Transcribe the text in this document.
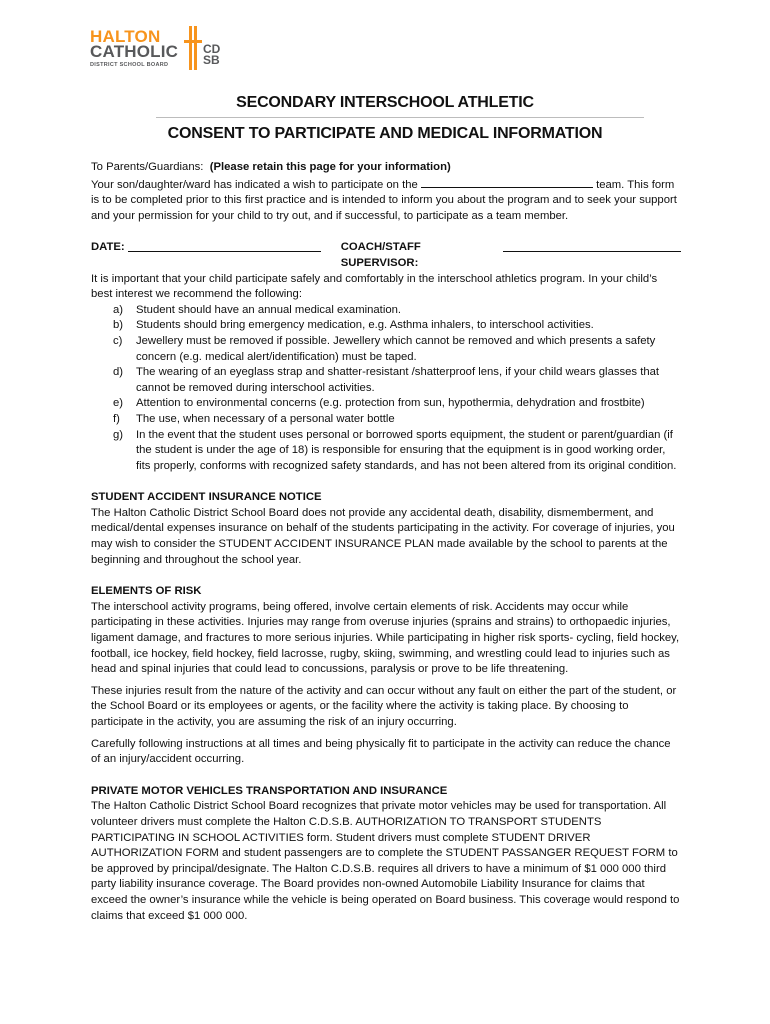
HALTON
CATHOLIC
DISTRICT SCHOOL BOARD
CD
SB
SECONDARY INTERSCHOOL ATHLETIC
CONSENT TO PARTICIPATE AND MEDICAL INFORMATION

To Parents/Guardians: (Please retain this page for your information)
Your son/daughter/ward has indicated a wish to participate on the	team. This form is to be completed prior to this first practice and is intended to inform you about the program and to seek your support and your permission for your child to try out, and if successful, to participate as a team member.

DATE:
	COACH/STAFF SUPERVISOR:

It is important that your child participate safely and comfortably in the interschool athletics program. In your child’s best interest we recommend the following:

a) Student should have an annual medical examination.
b) Students should bring emergency medication, e.g. Asthma inhalers, to interschool activities.
c) Jewellery must be removed if possible. Jewellery which cannot be removed and which presents a safety concern (e.g. medical alert/identification) must be taped.
d) The wearing of an eyeglass strap and shatter-resistant /shatterproof lens, if your child wears glasses that cannot be removed during interschool activities.
e) Attention to environmental concerns (e.g. protection from sun, hypothermia, dehydration and frostbite)
f) The use, when necessary of a personal water bottle
g) In the event that the student uses personal or borrowed sports equipment, the student or parent/guardian (if the student is under the age of 18) is responsible for ensuring that the equipment is in good working order, fits properly, conforms with recognized safety standards, and has not been altered from its original condition.

STUDENT ACCIDENT INSURANCE NOTICE

The Halton Catholic District School Board does not provide any accidental death, disability, dismemberment, and medical/dental expenses insurance on behalf of the students participating in the activity. For coverage of injuries, you may wish to consider the STUDENT ACCIDENT INSURANCE PLAN made available by the school to parents at the beginning and throughout the school year.

ELEMENTS OF RISK

The interschool activity programs, being offered, involve certain elements of risk. Accidents may occur while participating in these activities. Injuries may range from overuse injuries (sprains and strains) to orthopaedic injuries, ligament damage, and fractures to more serious injuries. While participating in higher risk sports- cycling, field hockey, football, ice hockey, field hockey, field lacrosse, rugby, skiing, swimming, and wrestling could lead to injuries such as head and spinal injuries that could lead to concussions, paralysis or prove to be life threatening.

These injuries result from the nature of the activity and can occur without any fault on either the part of the student, or the School Board or its employees or agents, or the facility where the activity is taking place. By choosing to participate in the activity, you are assuming the risk of an injury occurring.

Carefully following instructions at all times and being physically fit to participate in the activity can reduce the chance of an injury/accident occurring.

PRIVATE MOTOR VEHICLES TRANSPORTATION AND INSURANCE

The Halton Catholic District School Board recognizes that private motor vehicles may be used for transportation. All volunteer drivers must complete the Halton C.D.S.B. AUTHORIZATION TO TRANSPORT STUDENTS PARTICIPATING IN SCHOOL ACTIVITIES form. Student drivers must complete STUDENT DRIVER AUTHORIZATION FORM and student passengers are to complete the STUDENT PASSANGER REQUEST FORM to be approved by principal/designate. The Halton C.D.S.B. requires all drivers to have a minimum of $1 000 000 third party liability insurance coverage. The Board provides non-owned Automobile Liability Insurance for claims that exceed the owner’s insurance while the vehicle is being operated on Board business. This coverage would respond to claims that exceed $1 000 000.
